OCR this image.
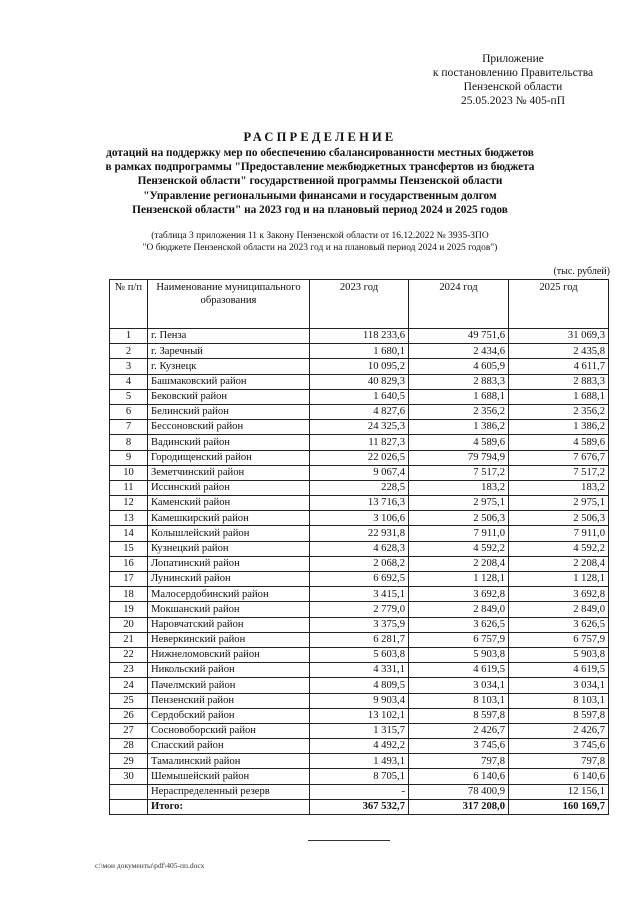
Приложение
к постановлению Правительства
Пензенской области
25.05.2023 № 405-пП
РАСПРЕДЕЛЕНИЕ
дотаций на поддержку мер по обеспечению сбалансированности местных бюджетов
в рамках подпрограммы "Предоставление межбюджетных трансфертов из бюджета
Пензенской области" государственной программы Пензенской области
"Управление региональными финансами и государственным долгом
Пензенской области" на 2023 год и на плановый период 2024 и 2025 годов
(таблица 3 приложения 11 к Закону Пензенской области от 16.12.2022 № 3935-ЗПО
"О бюджете Пензенской области на 2023 год и на плановый период 2024 и 2025 годов")
(тыс. рублей)
№ п/п	Наименование муниципального образования	2023 год	2024 год	2025 год
1	г. Пенза	118 233,6	49 751,6	31 069,3
2	г. Заречный	1 680,1	2 434,6	2 435,8
3	г. Кузнецк	10 095,2	4 605,9	4 611,7
4	Башмаковский район	40 829,3	2 883,3	2 883,3
5	Бековский район	1 640,5	1 688,1	1 688,1
6	Белинский район	4 827,6	2 356,2	2 356,2
7	Бессоновский район	24 325,3	1 386,2	1 386,2
8	Вадинский район	11 827,3	4 589,6	4 589,6
9	Городищенский район	22 026,5	79 794,9	7 676,7
10	Земетчинский район	9 067,4	7 517,2	7 517,2
11	Иссинский район	228,5	183,2	183,2
12	Каменский район	13 716,3	2 975,1	2 975,1
13	Камешкирский район	3 106,6	2 506,3	2 506,3
14	Колышлейский район	22 931,8	7 911,0	7 911,0
15	Кузнецкий район	4 628,3	4 592,2	4 592,2
16	Лопатинский район	2 068,2	2 208,4	2 208,4
17	Лунинский район	6 692,5	1 128,1	1 128,1
18	Малосердобинский район	3 415,1	3 692,8	3 692,8
19	Мокшанский район	2 779,0	2 849,0	2 849,0
20	Наровчатский район	3 375,9	3 626,5	3 626,5
21	Неверкинский район	6 281,7	6 757,9	6 757,9
22	Нижнеломовский район	5 603,8	5 903,8	5 903,8
23	Никольский район	4 331,1	4 619,5	4 619,5
24	Пачелмский район	4 809,5	3 034,1	3 034,1
25	Пензенский район	9 903,4	8 103,1	8 103,1
26	Сердобский район	13 102,1	8 597,8	8 597,8
27	Сосновоборский район	1 315,7	2 426,7	2 426,7
28	Спасский район	4 492,2	3 745,6	3 745,6
29	Тамалинский район	1 493,1	797,8	797,8
30	Шемышейский район	8 705,1	6 140,6	6 140,6
	Нераспределенный резерв	-	78 400,9	12 156,1
	Итого:	367 532,7	317 208,0	160 169,7
c:\мои документы\pdf\405-пп.docx
